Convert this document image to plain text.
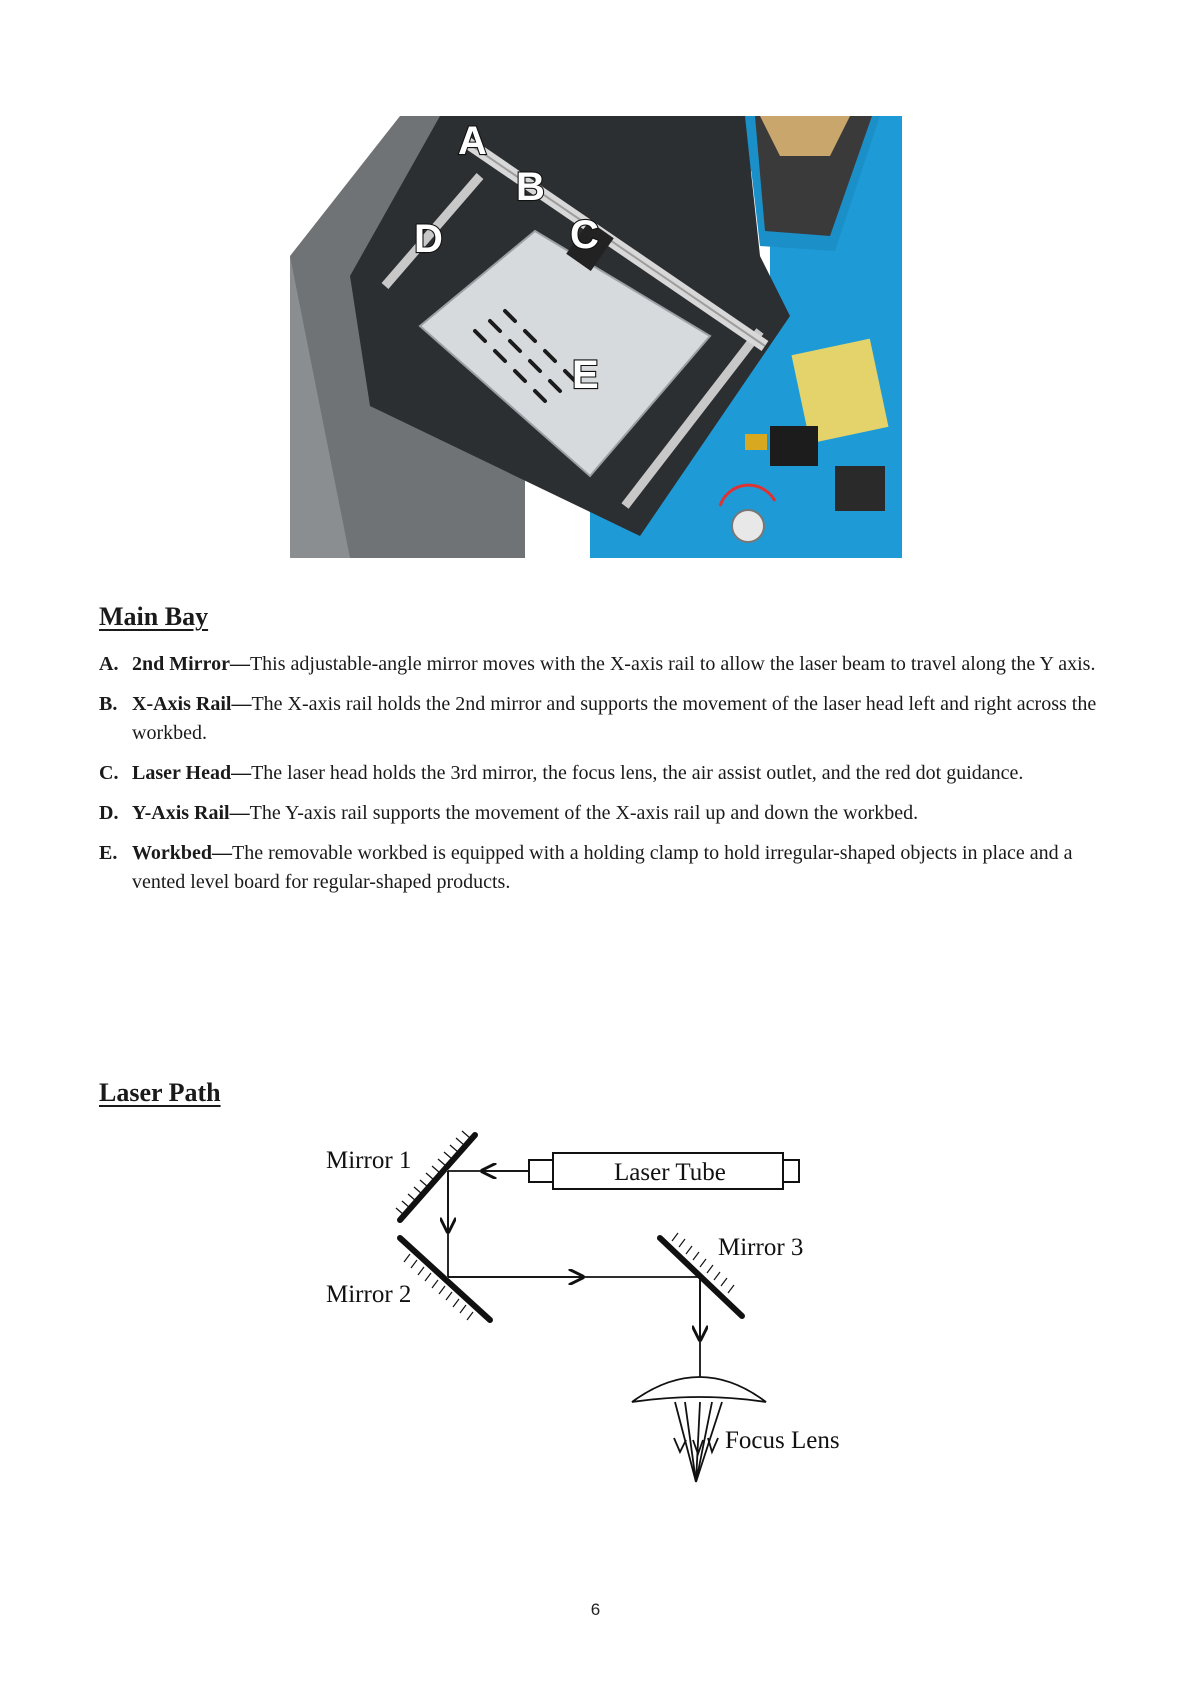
A
B
C
D
E
Main Bay
A. 2nd Mirror—This adjustable-angle mirror moves with the X-axis rail to allow the laser beam to travel along the Y axis.
B. X-Axis Rail—The X-axis rail holds the 2nd mirror and supports the movement of the laser head left and right across the workbed.
C. Laser Head—The laser head holds the 3rd mirror, the focus lens, the air assist outlet, and the red dot guidance.
D. Y-Axis Rail—The Y-axis rail supports the movement of the X-axis rail up and down the workbed.
E. Workbed—The removable workbed is equipped with a holding clamp to hold irregular-shaped objects in place and a vented level board for regular-shaped products.
Laser Path
Laser Tube
Mirror 1
Mirror 2
Mirror 3
Focus Lens
6
